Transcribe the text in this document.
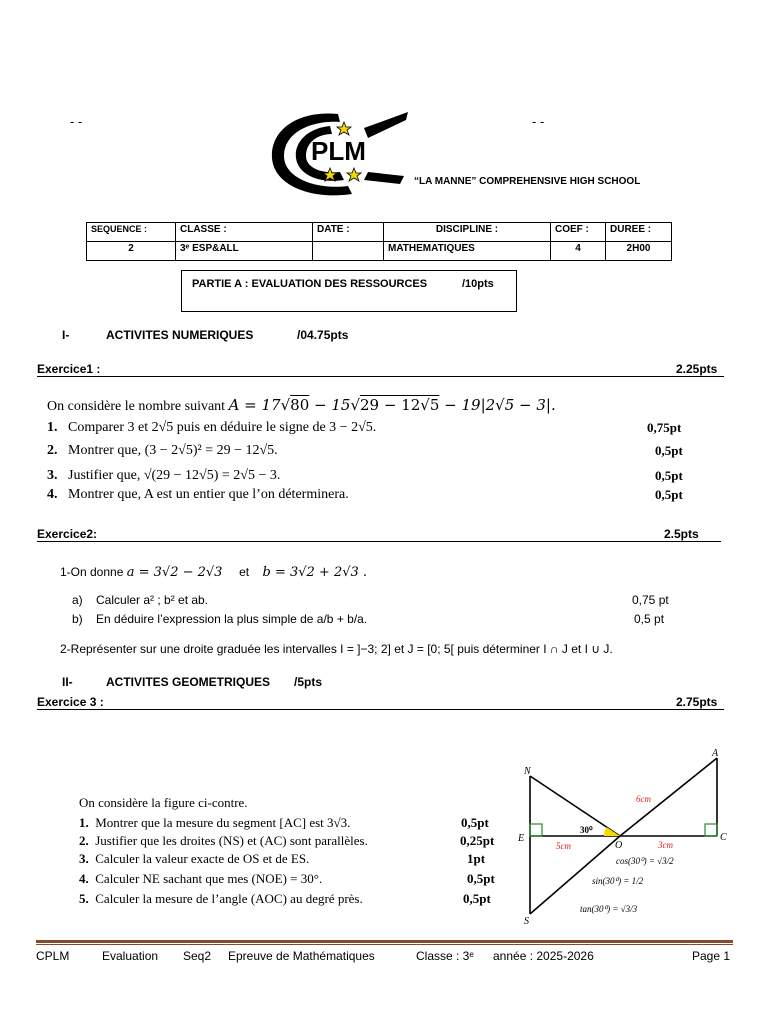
- -	- -
PLM
“LA MANNE” COMPREHENSIVE HIGH SCHOOL
SEQUENCE :	CLASSE :	DATE :	DISCIPLINE :	COEF :	DUREE :
2	3ᵉ ESP&ALL		MATHEMATIQUES	4	2H00
PARTIE A : EVALUATION DES RESSOURCES	/10pts
I-	ACTIVITES NUMERIQUES	/04.75pts
Exercice1 :	2.25pts
On considère le nombre suivant A = 17√80 − 15√29 − 12√5 − 19|2√5 − 3|.
1. Comparer 3 et 2√5 puis en déduire le signe de 3 − 2√5.	0,75pt
2. Montrer que, (3 − 2√5)² = 29 − 12√5.	0,5pt
3. Justifier que, √(29 − 12√5) = 2√5 − 3.	0,5pt
4. Montrer que, A est un entier que l’on déterminera.	0,5pt
Exercice2:	2.5pts
1-On donne a = 3√2 − 2√3 et b = 3√2 + 2√3 .
a) Calculer a² ; b² et ab.	0,75 pt
b) En déduire l’expression la plus simple de a/b + b/a.	0,5 pt
2-Représenter sur une droite graduée les intervalles I = ]−3; 2] et J = [0; 5[ puis déterminer I ∩ J et I ∪ J.
II-	ACTIVITES GEOMETRIQUES /5pts
Exercice 3 :	2.75pts
On considère la figure ci-contre.
1. Montrer que la mesure du segment [AC] est 3√3.	0,5pt
2. Justifier que les droites (NS) et (AC) sont parallèles.	0,25pt
3. Calculer la valeur exacte de OS et de ES.	1pt
4. Calculer NE sachant que mes (NOE) = 30°.	0,5pt
5. Calculer la mesure de l’angle (AOC) au degré près.	0,5pt
N
A
E
O
C
S
6cm
5cm	3cm
30⁰
cos(30⁰) = √3/2
sin(30⁰) = 1/2
tan(30⁰) = √3/3
CPLM	Evaluation Seq2 Epreuve de Mathématiques	Classe : 3ᵉ année : 2025-2026	Page 1
